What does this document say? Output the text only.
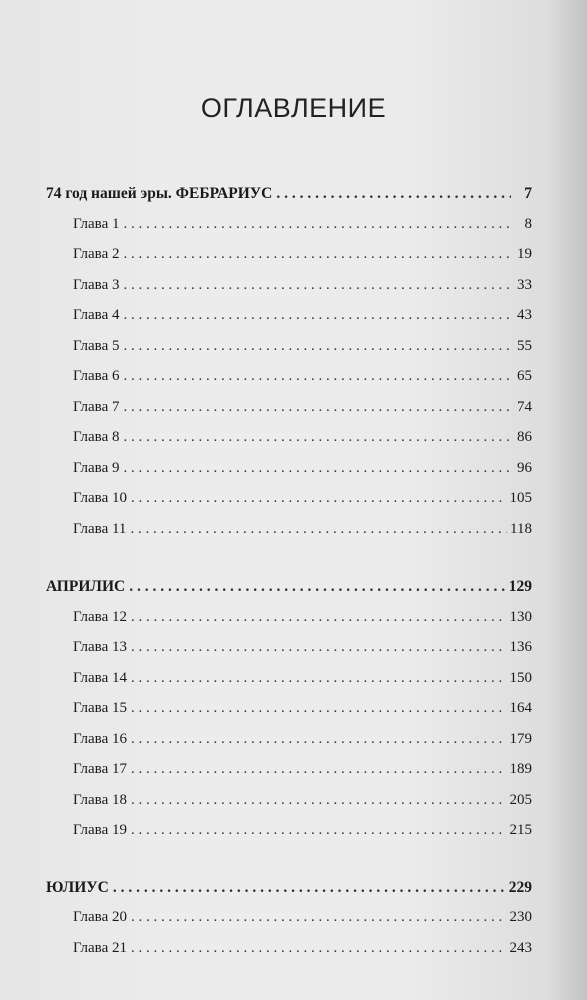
ОГЛАВЛЕНИЕ
74 год нашей эры. ФЕБРАРИУС . . .	7
Глава 1 . . .	8
Глава 2 . . .	19
Глава 3 . . .	33
Глава 4 . . .	43
Глава 5 . . .	55
Глава 6 . . .	65
Глава 7 . . .	74
Глава 8 . . .	86
Глава 9 . . .	96
Глава 10 . . .	105
Глава 11 . . .	118
АПРИЛИС . . .	129
Глава 12 . . .	130
Глава 13 . . .	136
Глава 14 . . .	150
Глава 15 . . .	164
Глава 16 . . .	179
Глава 17 . . .	189
Глава 18 . . .	205
Глава 19 . . .	215
ЮЛИУС . . .	229
Глава 20 . . .	230
Глава 21 . . .	243
